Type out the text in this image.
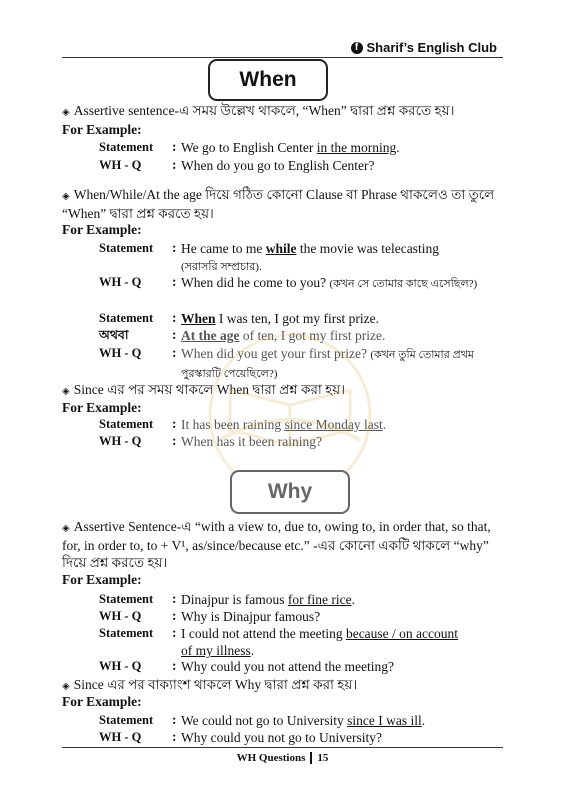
f Sharif’s English Club
When
◈ Assertive sentence-এ সময় উল্লেখ থাকলে, “When” দ্বারা প্রশ্ন করতে হয়।
For Example:
Statement : We go to English Center in the morning.
WH - Q : When do you go to English Center?
◈ When/While/At the age দিয়ে গঠিত কোনো Clause বা Phrase থাকলেও তা তুলে “When” দ্বারা প্রশ্ন করতে হয়।
For Example:
Statement : He came to me while the movie was telecasting
(সরাসরি সম্প্রচার).
WH - Q : When did he come to you? (কখন সে তোমার কাছে এসেছিল?)
Statement : When I was ten, I got my first prize.
অথবা	: At the age of ten, I got my first prize.
WH - Q : When did you get your first prize? (কখন তুমি তোমার প্রথম পুরস্কারটি পেয়েছিলে?)
◈ Since এর পর সময় থাকলে When দ্বারা প্রশ্ন করা হয়।
For Example:
Statement : It has been raining since Monday last.
WH - Q : When has it been raining?
Why
◈ Assertive Sentence-এ “with a view to, due to, owing to, in order that, so that, for, in order to, to + V¹, as/since/because etc.” -এর কোনো একটি থাকলে “why” দিয়ে প্রশ্ন করতে হয়।
For Example:
Statement : Dinajpur is famous for fine rice.
WH - Q : Why is Dinajpur famous?
Statement : I could not attend the meeting because / on account
of my illness.
WH - Q : Why could you not attend the meeting?
◈ Since এর পর বাক্যাংশ থাকলে Why দ্বারা প্রশ্ন করা হয়।
For Example:
Statement : We could not go to University since I was ill.
WH - Q : Why could you not go to University?
WH Questions 15
